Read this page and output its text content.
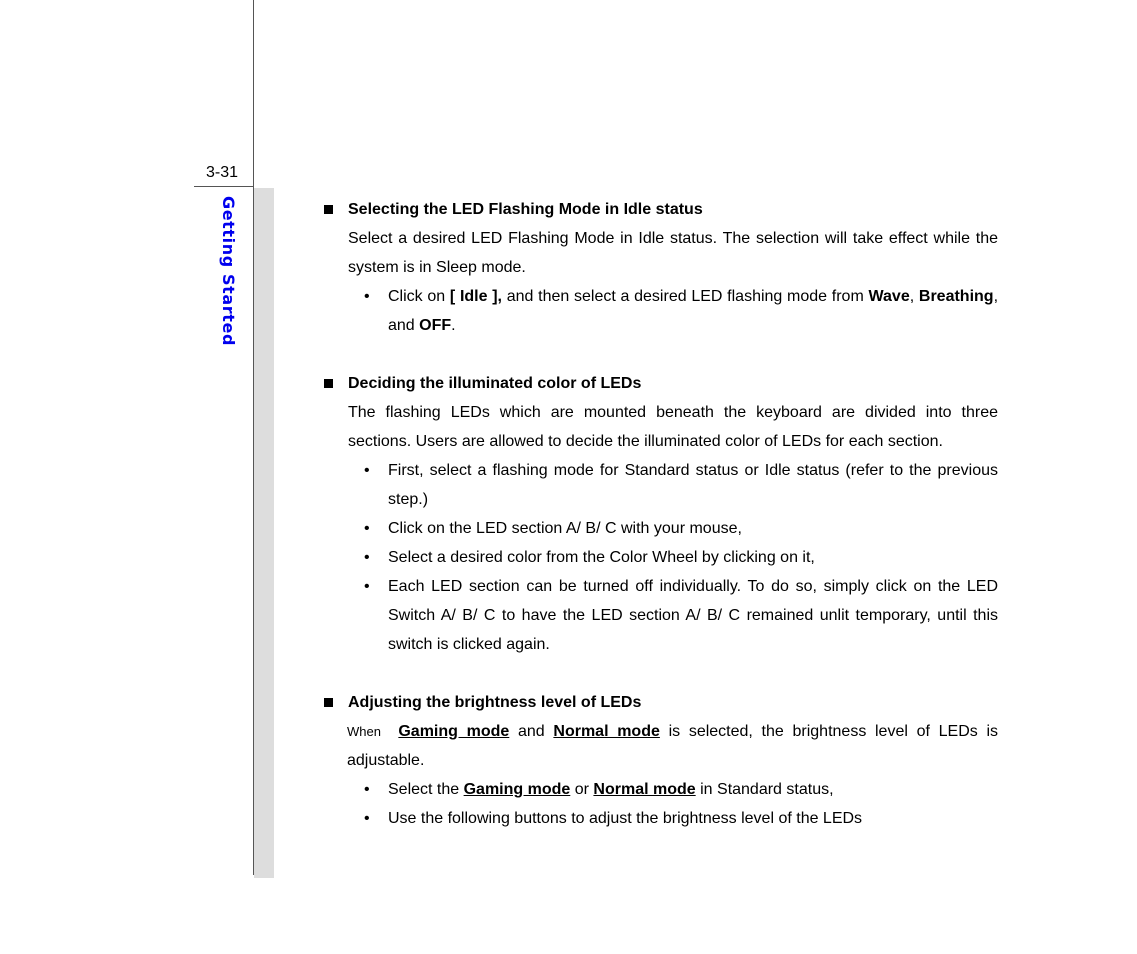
3-31
Getting Started	Selecting the LED Flashing Mode in Idle status
Select a desired LED Flashing Mode in Idle status. The selection will take effect while the system is in Sleep mode.
• Click on [ Idle ], and then select a desired LED flashing mode from Wave, Breathing, and OFF.
Deciding the illuminated color of LEDs
The flashing LEDs which are mounted beneath the keyboard are divided into three sections. Users are allowed to decide the illuminated color of LEDs for each section.
• First, select a flashing mode for Standard status or Idle status (refer to the previous step.)
• Click on the LED section A/ B/ C with your mouse,
• Select a desired color from the Color Wheel by clicking on it,
• Each LED section can be turned off individually. To do so, simply click on the LED Switch A/ B/ C to have the LED section A/ B/ C remained unlit temporary, until this switch is clicked again.
Adjusting the brightness level of LEDs
When Gaming mode and Normal mode is selected, the brightness level of LEDs is adjustable.
• Select the Gaming mode or Normal mode in Standard status,
• Use the following buttons to adjust the brightness level of the LEDs
